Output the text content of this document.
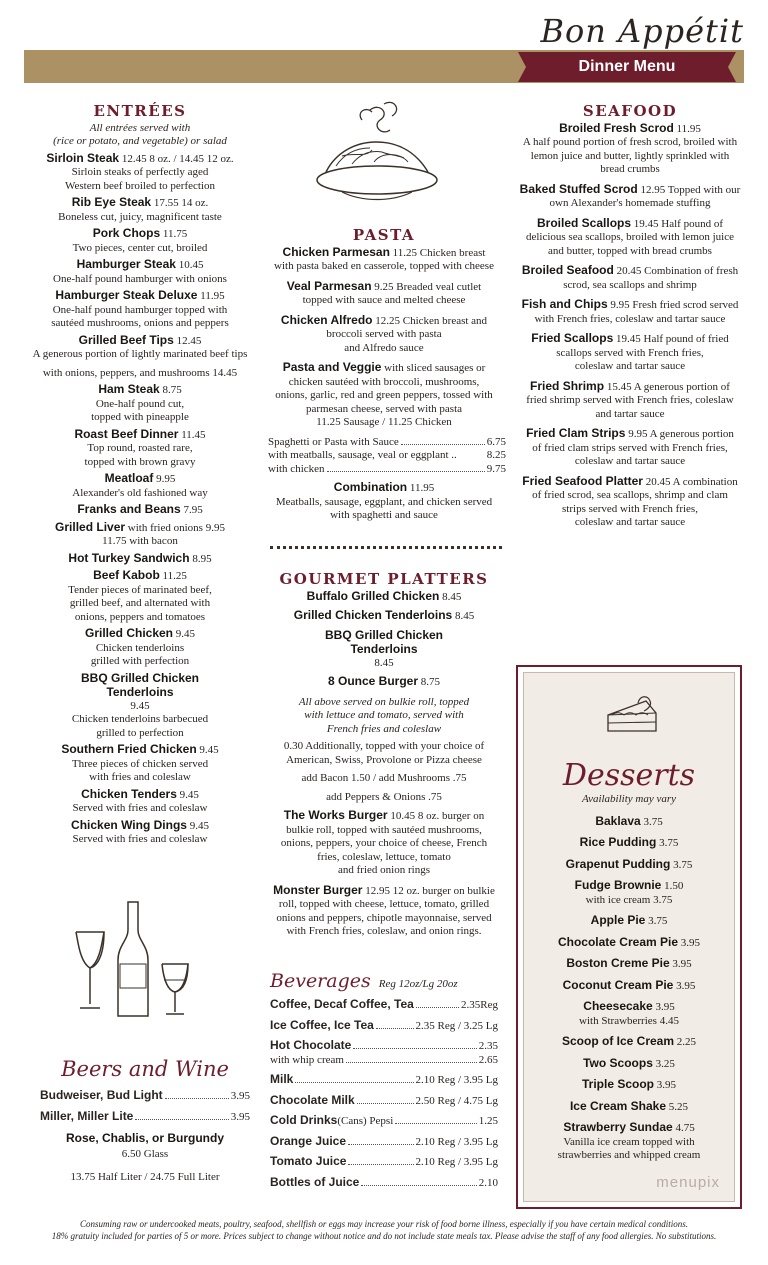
Dinner Menu
Bon Appétit
ENTRÉES
All entrées served with
(rice or potato, and vegetable) or salad
Sirloin Steak 12.45 8 oz. / 14.45 12 oz.
Sirloin steaks of perfectly aged
Western beef broiled to perfection
Rib Eye Steak 17.55 14 oz.
Boneless cut, juicy, magnificent taste
Pork Chops 11.75
Two pieces, center cut, broiled
Hamburger Steak 10.45
One-half pound hamburger with onions
Hamburger Steak Deluxe 11.95
One-half pound hamburger topped with
sautéed mushrooms, onions and peppers
Grilled Beef Tips 12.45
A generous portion of lightly marinated beef tips
with onions, peppers, and mushrooms 14.45
Ham Steak 8.75
One-half pound cut,
topped with pineapple
Roast Beef Dinner 11.45
Top round, roasted rare,
topped with brown gravy
Meatloaf 9.95
Alexander's old fashioned way
Franks and Beans 7.95
Grilled Liver with fried onions 9.95
11.75 with bacon
Hot Turkey Sandwich 8.95
Beef Kabob 11.25
Tender pieces of marinated beef,
grilled beef, and alternated with
onions, peppers and tomatoes
Grilled Chicken 9.45
Chicken tenderloins
grilled with perfection
BBQ Grilled Chicken
Tenderloins
9.45
Chicken tenderloins barbecued
grilled to perfection
Southern Fried Chicken 9.45
Three pieces of chicken served
with fries and coleslaw
Chicken Tenders 9.45
Served with fries and coleslaw
Chicken Wing Dings 9.45
Served with fries and coleslaw
Beers and Wine
Budweiser, Bud Light	3.95
Miller, Miller Lite	3.95
Rose, Chablis, or Burgundy
6.50 Glass
13.75 Half Liter / 24.75 Full Liter
PASTA
Chicken Parmesan 11.25 Chicken breast
with pasta baked en casserole, topped with cheese
Veal Parmesan 9.25 Breaded veal cutlet
topped with sauce and melted cheese
Chicken Alfredo 12.25 Chicken breast and broccoli served with pasta
and Alfredo sauce
Pasta and Veggie with sliced sausages or
chicken sautéed with broccoli, mushrooms,
onions, garlic, red and green peppers, tossed with
parmesan cheese, served with pasta
11.25 Sausage / 11.25 Chicken
Spaghetti or Pasta with Sauce	6.75
with meatballs, sausage, veal or eggplant ..	8.25
with chicken	9.75
Combination 11.95
Meatballs, sausage, eggplant, and chicken served
with spaghetti and sauce
GOURMET PLATTERS
Buffalo Grilled Chicken 8.45
Grilled Chicken Tenderloins 8.45
BBQ Grilled Chicken
Tenderloins
8.45
8 Ounce Burger 8.75
All above served on bulkie roll, topped
with lettuce and tomato, served with
French fries and coleslaw
0.30 Additionally, topped with your choice of
American, Swiss, Provolone or Pizza cheese
add Bacon 1.50 / add Mushrooms .75
add Peppers & Onions .75
The Works Burger 10.45 8 oz. burger on
bulkie roll, topped with sautéed mushrooms,
onions, peppers, your choice of cheese, French
fries, coleslaw, lettuce, tomato
and fried onion rings
Monster Burger 12.95 12 oz. burger on bulkie
roll, topped with cheese, lettuce, tomato, grilled
onions and peppers, chipotle mayonnaise, served
with French fries, coleslaw, and onion rings.
Beverages Reg 12oz/Lg 20oz
Coffee, Decaf Coffee, Tea	2.35Reg
Ice Coffee, Ice Tea	2.35 Reg / 3.25 Lg
Hot Chocolate	2.35
with whip cream	2.65
Milk	2.10 Reg / 3.95 Lg
Chocolate Milk	2.50 Reg / 4.75 Lg
Cold Drinks (Cans) Pepsi	1.25
Orange Juice	2.10 Reg / 3.95 Lg
Tomato Juice	2.10 Reg / 3.95 Lg
Bottles of Juice	2.10
SEAFOOD
Broiled Fresh Scrod 11.95
A half pound portion of fresh scrod, broiled with
lemon juice and butter, lightly sprinkled with
bread crumbs
Baked Stuffed Scrod 12.95 Topped with our
own Alexander's homemade stuffing
Broiled Scallops 19.45 Half pound of
delicious sea scallops, broiled with lemon juice
and butter, topped with bread crumbs
Broiled Seafood 20.45 Combination of fresh
scrod, sea scallops and shrimp
Fish and Chips 9.95 Fresh fried scrod served
with French fries, coleslaw and tartar sauce
Fried Scallops 19.45 Half pound of fried
scallops served with French fries,
coleslaw and tartar sauce
Fried Shrimp 15.45 A generous portion of
fried shrimp served with French fries, coleslaw
and tartar sauce
Fried Clam Strips 9.95 A generous portion
of fried clam strips served with French fries,
coleslaw and tartar sauce
Fried Seafood Platter 20.45 A combination
of fried scrod, sea scallops, shrimp and clam
strips served with French fries,
coleslaw and tartar sauce
Desserts
Availability may vary
Baklava 3.75
Rice Pudding 3.75
Grapenut Pudding 3.75
Fudge Brownie 1.50
with ice cream 3.75
Apple Pie 3.75
Chocolate Cream Pie 3.95
Boston Creme Pie 3.95
Coconut Cream Pie 3.95
Cheesecake 3.95
with Strawberries 4.45
Scoop of Ice Cream 2.25
Two Scoops 3.25
Triple Scoop 3.95
Ice Cream Shake 5.25
Strawberry Sundae 4.75
Vanilla ice cream topped with
strawberries and whipped cream
menupix
Consuming raw or undercooked meats, poultry, seafood, shellfish or eggs may increase your risk of food borne illness, especially if you have certain medical conditions.
18% gratuity included for parties of 5 or more. Prices subject to change without notice and do not include state meals tax. Please advise the staff of any food allergies. No substitutions.
